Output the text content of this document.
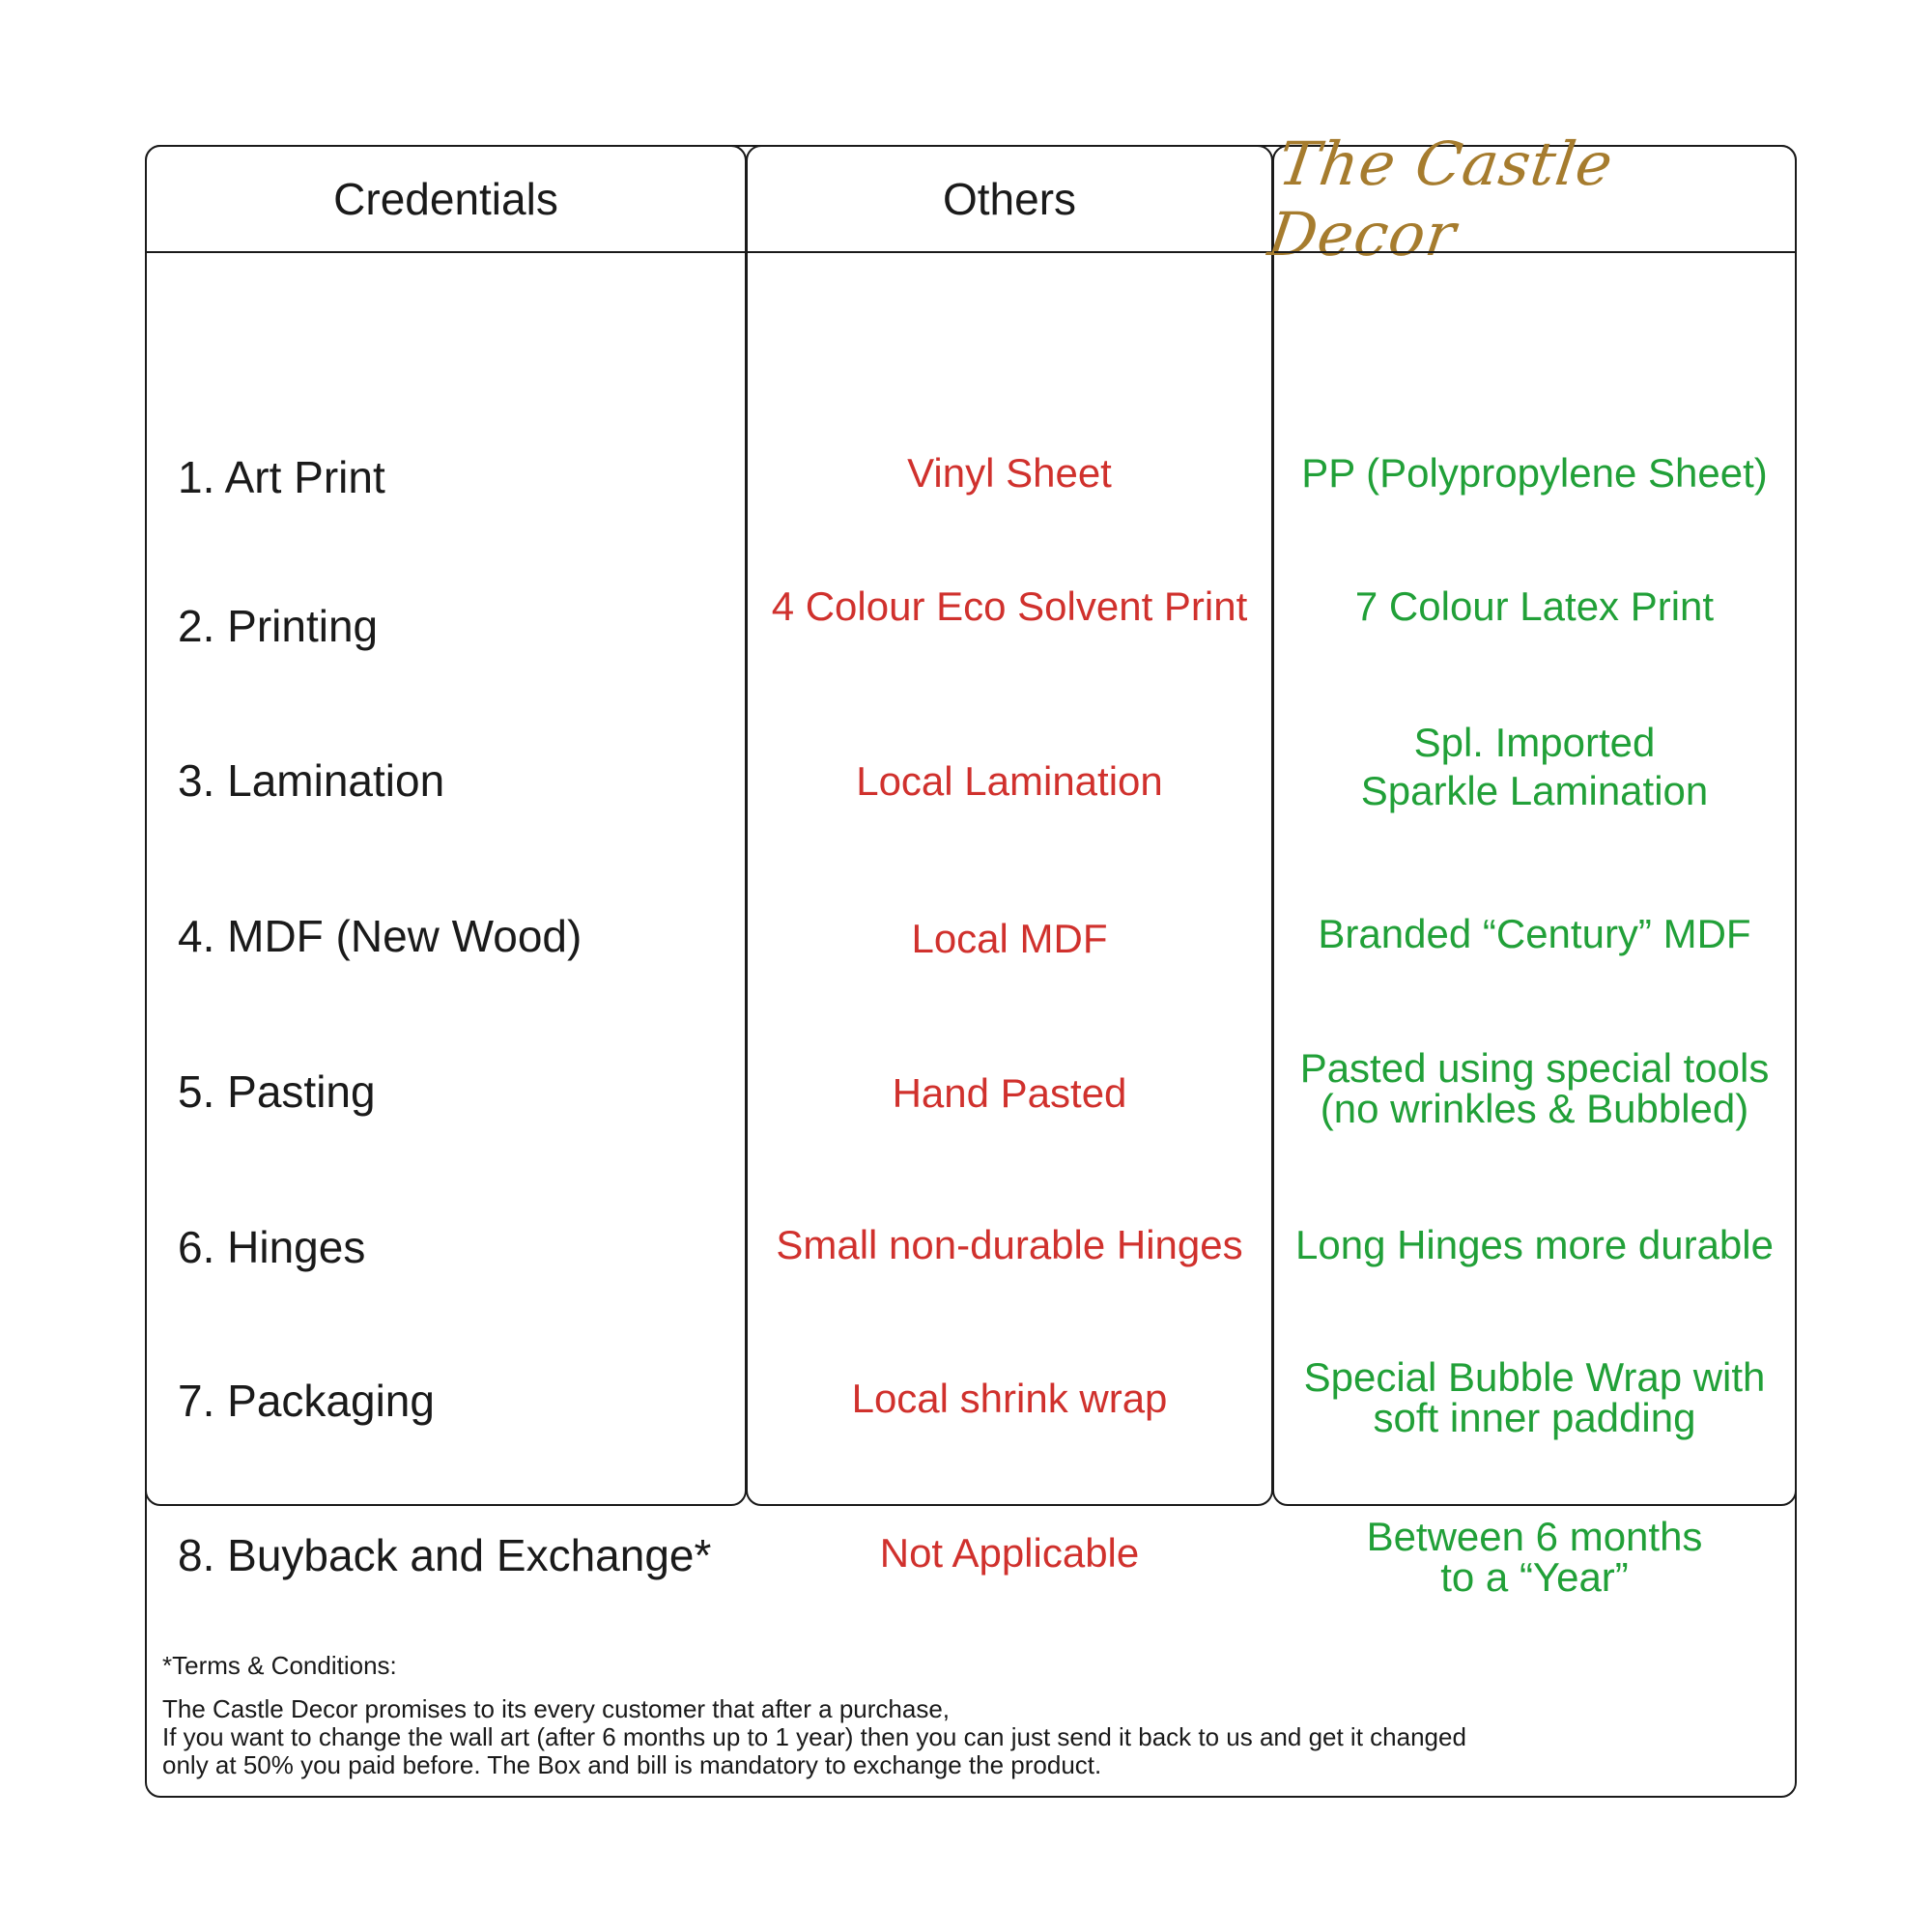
Credentials
1. Art Print
2. Printing
3. Lamination
4. MDF (New Wood)
5. Pasting
6. Hinges
7. Packaging
8. Buyback and Exchange*
Others
Vinyl Sheet
4 Colour Eco Solvent Print
Local Lamination
Local MDF
Hand Pasted
Small non-durable Hinges
Local shrink wrap
Not Applicable
The Castle Decor
PP (Polypropylene Sheet)
7 Colour Latex Print
Spl. Imported
Sparkle Lamination
Branded “Century” MDF
Pasted using special tools
(no wrinkles & Bubbled)
Long Hinges more durable
Special Bubble Wrap with
soft inner padding
Between 6 months
to a “Year”
*Terms & Conditions:
The Castle Decor promises to its every customer that after a purchase,
If you want to change the wall art (after 6 months up to 1 year) then you can just send it back to us and get it changed
only at 50% you paid before. The Box and bill is mandatory to exchange the product.
